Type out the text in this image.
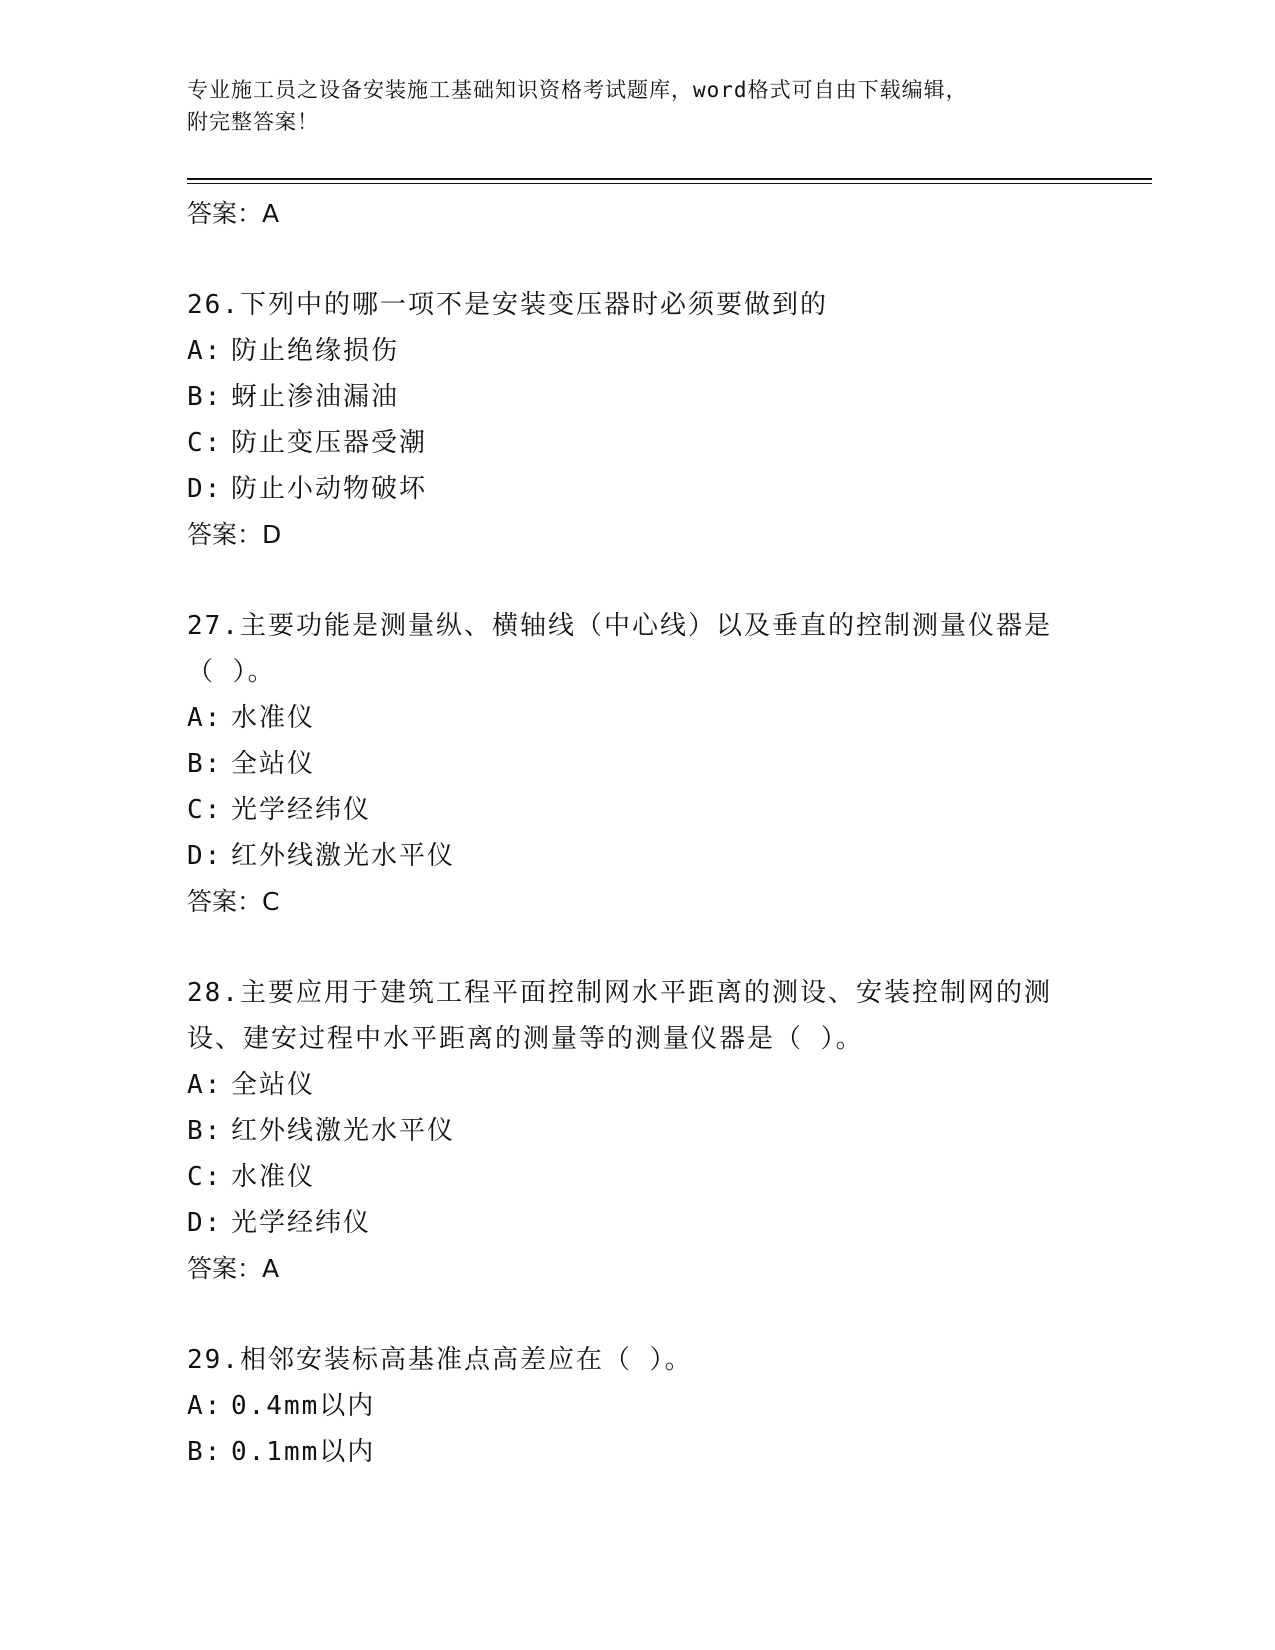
专业施工员之设备安装施工基础知识资格考试题库，word格式可自由下载编辑，
附完整答案！
答案：A
26.下列中的哪一项不是安装变压器时必须要做到的
A: 防止绝缘损伤
B: 蚜止渗油漏油
C: 防止变压器受潮
D: 防止小动物破坏
答案：D
27.主要功能是测量纵、横轴线（中心线）以及垂直的控制测量仪器是
（ ）。
A: 水准仪
B: 全站仪
C: 光学经纬仪
D: 红外线激光水平仪
答案：C
28.主要应用于建筑工程平面控制网水平距离的测设、安装控制网的测
设、建安过程中水平距离的测量等的测量仪器是（ ）。
A: 全站仪
B: 红外线激光水平仪
C: 水准仪
D: 光学经纬仪
答案：A
29.相邻安装标高基准点高差应在（ ）。
A: 0.4mm以内
B: 0.1mm以内
